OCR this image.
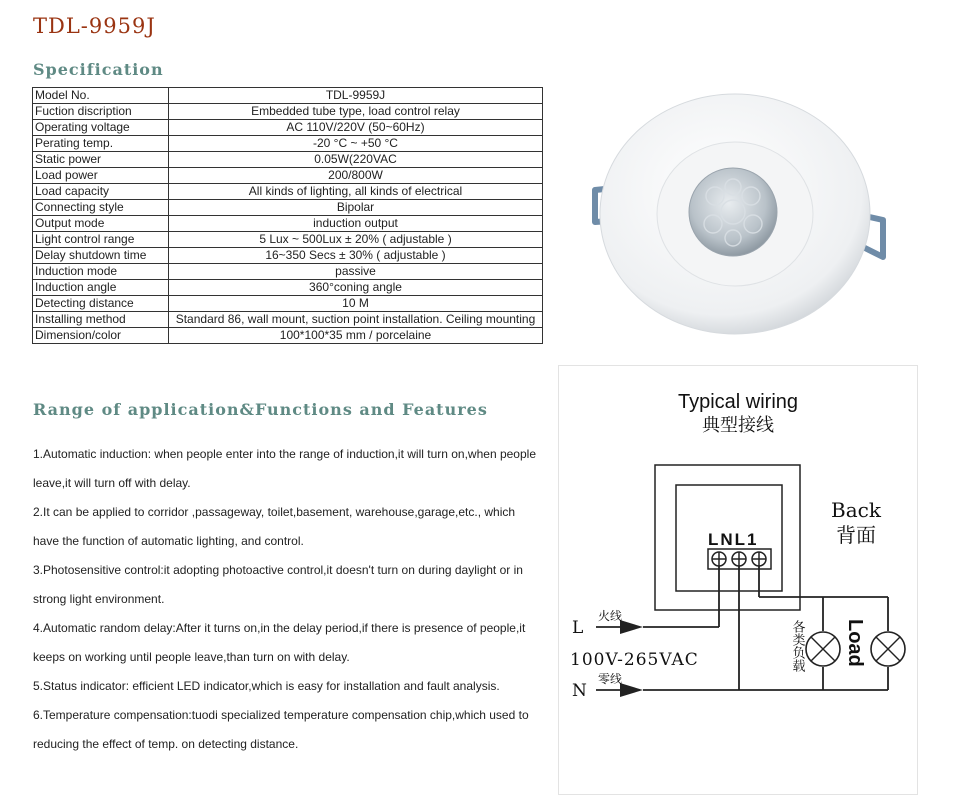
TDL-9959J
Specification
Model No.	TDL-9959J
Fuction discription	Embedded tube type, load control relay
Operating voltage	AC 110V/220V (50~60Hz)
Perating temp.	-20 °C ~ +50 °C
Static power	0.05W(220VAC
Load power	200/800W
Load capacity	All kinds of lighting, all kinds of electrical
Connecting style	Bipolar
Output mode	induction output
Light control range	5 Lux ~ 500Lux ± 20% ( adjustable )
Delay shutdown time	16~350 Secs ± 30% ( adjustable )
Induction mode	passive
Induction angle	360°coning angle
Detecting distance	10 M
Installing method	Standard 86, wall mount, suction point installation. Ceiling mounting
Dimension/color	100*100*35 mm / porcelaine
Range of application&Functions and Features

1.Automatic induction: when people enter into the range of induction,it will turn on,when people leave,it will turn off with delay.

2.It can be applied to corridor ,passageway, toilet,basement, warehouse,garage,etc., which have the function of automatic lighting, and control.

3.Photosensitive control:it adopting photoactive control,it doesn't turn on during daylight or in strong light environment.

4.Automatic random delay:After it turns on,in the delay period,if there is presence of people,it keeps on working until people leave,than turn on with delay.

5.Status indicator: efficient LED indicator,which is easy for installation and fault analysis.

6.Temperature compensation:tuodi specialized temperature compensation chip,which used to reducing the effect of temp. on detecting distance.

Typical wiring
典型接线
Back
背面
LNL1
L
火线
100V-265VAC
N
零线
各类负载 Load
